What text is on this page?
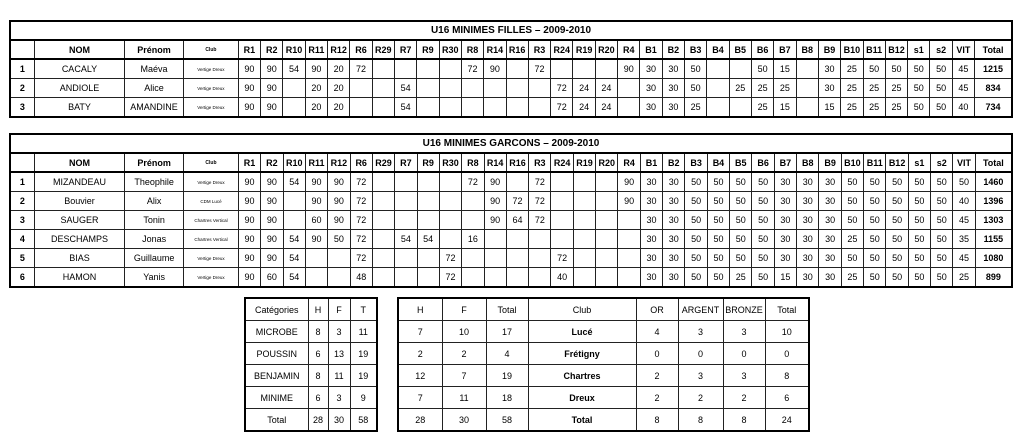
U16 MINIMES FILLES – 2009-2010																																					
	NOM	Prénom	Club	R1	R2	R10	R11	R12	R6	R29	R7	R9	R30	R8	R14	R16	R3	R24	R19	R20	R4	B1	B2	B3	B4	B5	B6	B7	B8	B9	B10	B11	B12	s1	s2	VIT	Total
1	CACALY	Maéva	Vertige Dreux	90	90	54	90	20	72					72	90		72				90	30	30	50			50	15		30	25	50	50	50	50	45	1215
2	ANDIOLE	Alice	Vertige Dreux	90	90		20	20			54							72	24	24		30	30	50		25	25	25		30	25	25	25	50	50	45	834
3	BATY	AMANDINE	Vertige Dreux	90	90		20	20			54							72	24	24		30	30	25			25	15		15	25	25	25	50	50	40	734
U16 MINIMES GARCONS – 2009-2010																																					
	NOM	Prénom	Club	R1	R2	R10	R11	R12	R6	R29	R7	R9	R30	R8	R14	R16	R3	R24	R19	R20	R4	B1	B2	B3	B4	B5	B6	B7	B8	B9	B10	B11	B12	s1	s2	VIT	Total
1	MIZANDEAU	Theophile	Vertige Dreux	90	90	54	90	90	72					72	90		72				90	30	30	50	50	50	50	30	30	30	50	50	50	50	50	50	1460
2	Bouvier	Alix	CDM Lucé	90	90		90	90	72						90	72	72				90	30	30	50	50	50	50	30	30	30	50	50	50	50	50	40	1396
3	SAUGER	Tonin	Chartres Vertical	90	90		60	90	72						90	64	72					30	30	50	50	50	50	30	30	30	50	50	50	50	50	45	1303
4	DESCHAMPS	Jonas	Chartres Vertical	90	90	54	90	50	72		54	54		16								30	30	50	50	50	50	30	30	30	25	50	50	50	50	35	1155
5	BIAS	Guillaume	Vertige Dreux	90	90	54			72				72					72				30	30	50	50	50	50	30	30	30	50	50	50	50	50	45	1080
6	HAMON	Yanis	Vertige Dreux	90	60	54			48				72					40				30	30	50	50	25	50	15	30	30	25	50	50	50	50	25	899
Catégories	H	F	T
MICROBE	8	3	11
POUSSIN	6	13	19
BENJAMIN	8	11	19
MINIME	6	3	9
Total	28	30	58
H	F	Total	Club	OR	ARGENT	BRONZE	Total
7	10	17	Lucé	4	3	3	10
2	2	4	Frétigny	0	0	0	0
12	7	19	Chartres	2	3	3	8
7	11	18	Dreux	2	2	2	6
28	30	58	Total	8	8	8	24
